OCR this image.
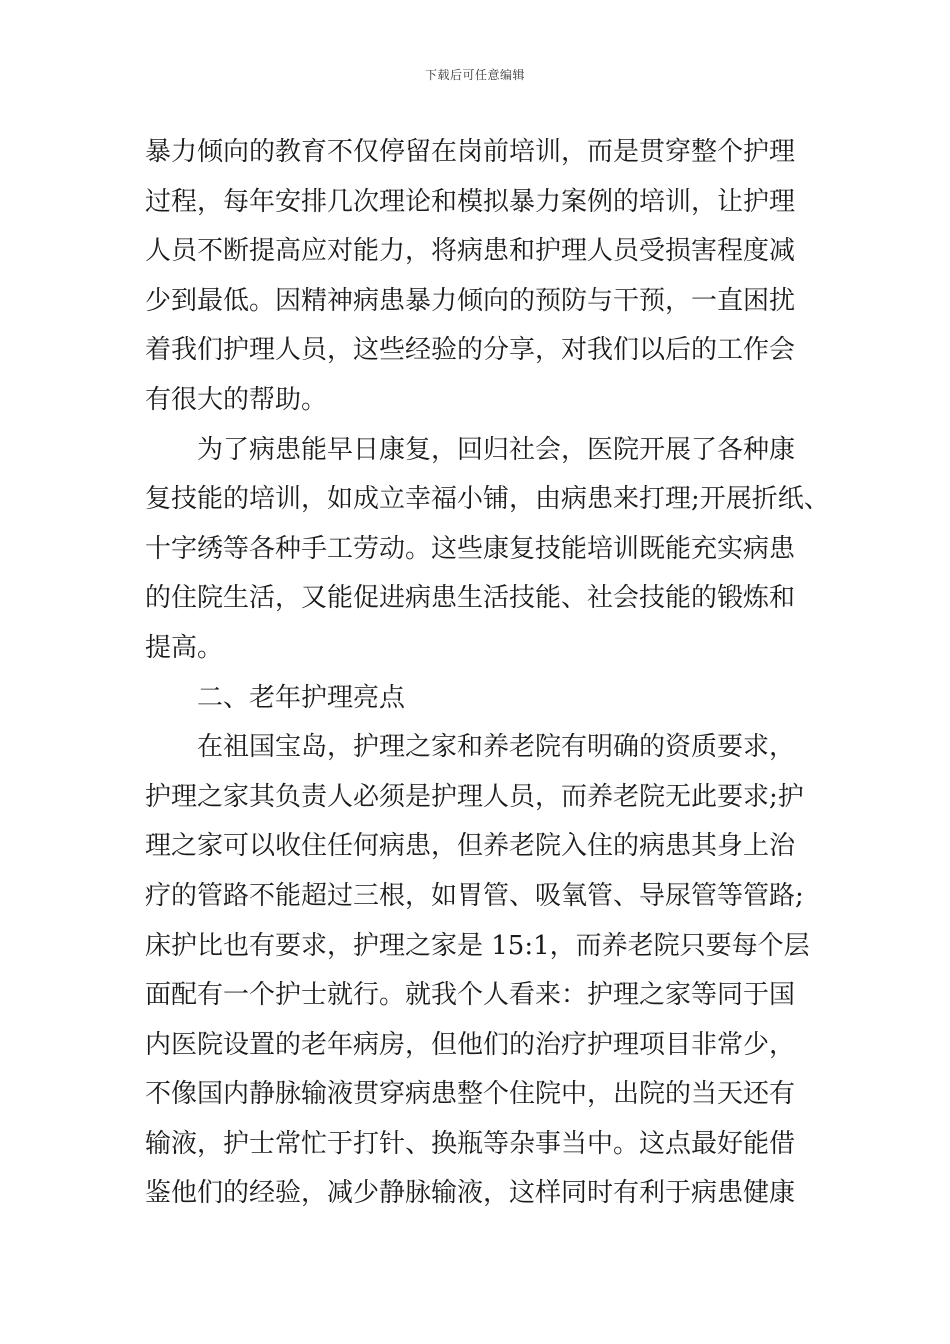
下载后可任意编辑
暴力倾向的教育不仅停留在岗前培训，而是贯穿整个护理
过程，每年安排几次理论和模拟暴力案例的培训，让护理
人员不断提高应对能力，将病患和护理人员受损害程度减
少到最低。因精神病患暴力倾向的预防与干预，一直困扰
着我们护理人员，这些经验的分享，对我们以后的工作会
有很大的帮助。
为了病患能早日康复，回归社会，医院开展了各种康
复技能的培训，如成立幸福小铺，由病患来打理;开展折纸、
十字绣等各种手工劳动。这些康复技能培训既能充实病患
的住院生活，又能促进病患生活技能、社会技能的锻炼和
提高。
二、老年护理亮点
在祖国宝岛，护理之家和养老院有明确的资质要求，
护理之家其负责人必须是护理人员，而养老院无此要求;护
理之家可以收住任何病患，但养老院入住的病患其身上治
疗的管路不能超过三根，如胃管、吸氧管、导尿管等管路;
床护比也有要求，护理之家是 15:1，而养老院只要每个层
面配有一个护士就行。就我个人看来：护理之家等同于国
内医院设置的老年病房，但他们的治疗护理项目非常少，
不像国内静脉输液贯穿病患整个住院中，出院的当天还有
输液，护士常忙于打针、换瓶等杂事当中。这点最好能借
鉴他们的经验，减少静脉输液，这样同时有利于病患健康
